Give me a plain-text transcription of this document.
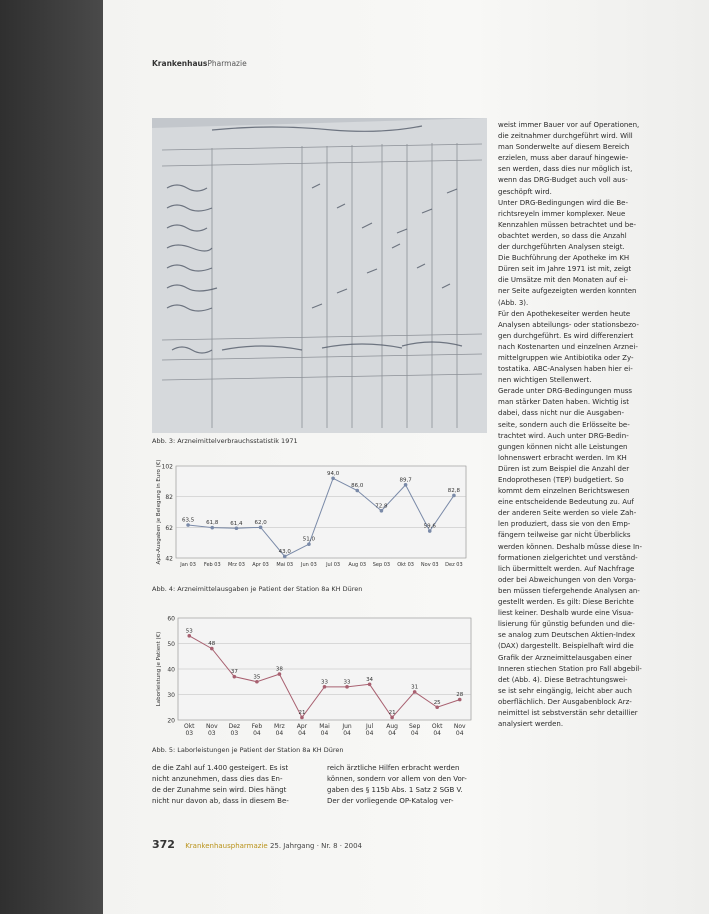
KrankenhausPharmazie
Abb. 3: Arzneimittelverbrauchsstatistik 1971
102
82
62
42
Apo-Ausgaben je Belegung in Euro (€)	63,5 61,8 61,4 62,0
43,0
51,0
94,0
86,0
72,8
89,7
59,6
82,8
Jan 03 Feb 03 Mrz 03 Apr 03 Mai 03 Jun 03 Jul 03 Aug 03 Sep 03 Okt 03 Nov 03 Dez 03
Abb. 4: Arzneimittelausgaben je Patient der Station 8a KH Düren
60
50
40
30
20
Laborleistung je Patient (€)
53
48
37
35
38
21
33	33	34
21
31
25
28
Okt
03
Nov
03
Dez
03
Feb
04
Mrz
04
Apr
04
Mai
04
Jun
04
Jul
04
Aug
04
Sep
04
Okt
04
Nov
04
Abb. 5: Laborleistungen je Patient der Station 8a KH Düren

weist immer Bauer vor auf Operationen,

die zeitnahmer durchgeführt wird. Will

man Sonderwelte auf diesem Bereich

erzielen, muss aber darauf hingewie-

sen werden, dass dies nur möglich ist,

wenn das DRG-Budget auch voll aus-

geschöpft wird.

Unter DRG-Bedingungen wird die Be-

richtsreyeln immer komplexer. Neue

Kennzahlen müssen betrachtet und be-

obachtet werden, so dass die Anzahl

der durchgeführten Analysen steigt.

Die Buchführung der Apotheke im KH

Düren seit im Jahre 1971 ist mit, zeigt

die Umsätze mit den Monaten auf ei-

ner Seite aufgezeigten werden konnten

(Abb. 3).

Für den Apothekeseiter werden heute

Analysen abteilungs- oder stationsbezo-

gen durchgeführt. Es wird differenziert

nach Kostenarten und einzelnen Arznei-

mittelgruppen wie Antibiotika oder Zy-

tostatika. ABC-Analysen haben hier ei-

nen wichtigen Stellenwert.

Gerade unter DRG-Bedingungen muss

man stärker Daten haben. Wichtig ist

dabei, dass nicht nur die Ausgaben-

seite, sondern auch die Erlösseite be-

trachtet wird. Auch unter DRG-Bedin-

gungen können nicht alle Leistungen

lohnenswert erbracht werden. Im KH

Düren ist zum Beispiel die Anzahl der

Endoprothesen (TEP) budgetiert. So

kommt dem einzelnen Berichtswesen

eine entscheidende Bedeutung zu. Auf

der anderen Seite werden so viele Zah-

len produziert, dass sie von den Emp-

fängern teilweise gar nicht Überblicks

werden können. Deshalb müsse diese In-

formationen zielgerichtet und verständ-

lich übermittelt werden. Auf Nachfrage

oder bei Abweichungen von den Vorga-

ben müssen tiefergehende Analysen an-

gestellt werden. Es gilt: Diese Berichte

liest keiner. Deshalb wurde eine Visua-

lisierung für günstig befunden und die-

se analog zum Deutschen Aktien-Index

(DAX) dargestellt. Beispielhaft wird die

Grafik der Arzneimittelausgaben einer

Inneren stiechen Station pro Fall abgebil-

det (Abb. 4). Diese Betrachtungswei-

se ist sehr eingängig, leicht aber auch

oberflächlich. Der Ausgabenblock Arz-

neimittel ist sebstverstän sehr detaillier

analysiert werden.

de die Zahl auf 1.400 gesteigert. Es ist

nicht anzunehmen, dass dies das En-

de der Zunahme sein wird. Dies hängt

nicht nur davon ab, dass in diesem Be-

reich ärztliche Hilfen erbracht werden

können, sondern vor allem von den Vor-

gaben des § 115b Abs. 1 Satz 2 SGB V.

Der der vorliegende OP-Katalog ver-

372 Krankenhauspharmazie 25. Jahrgang · Nr. 8 · 2004
